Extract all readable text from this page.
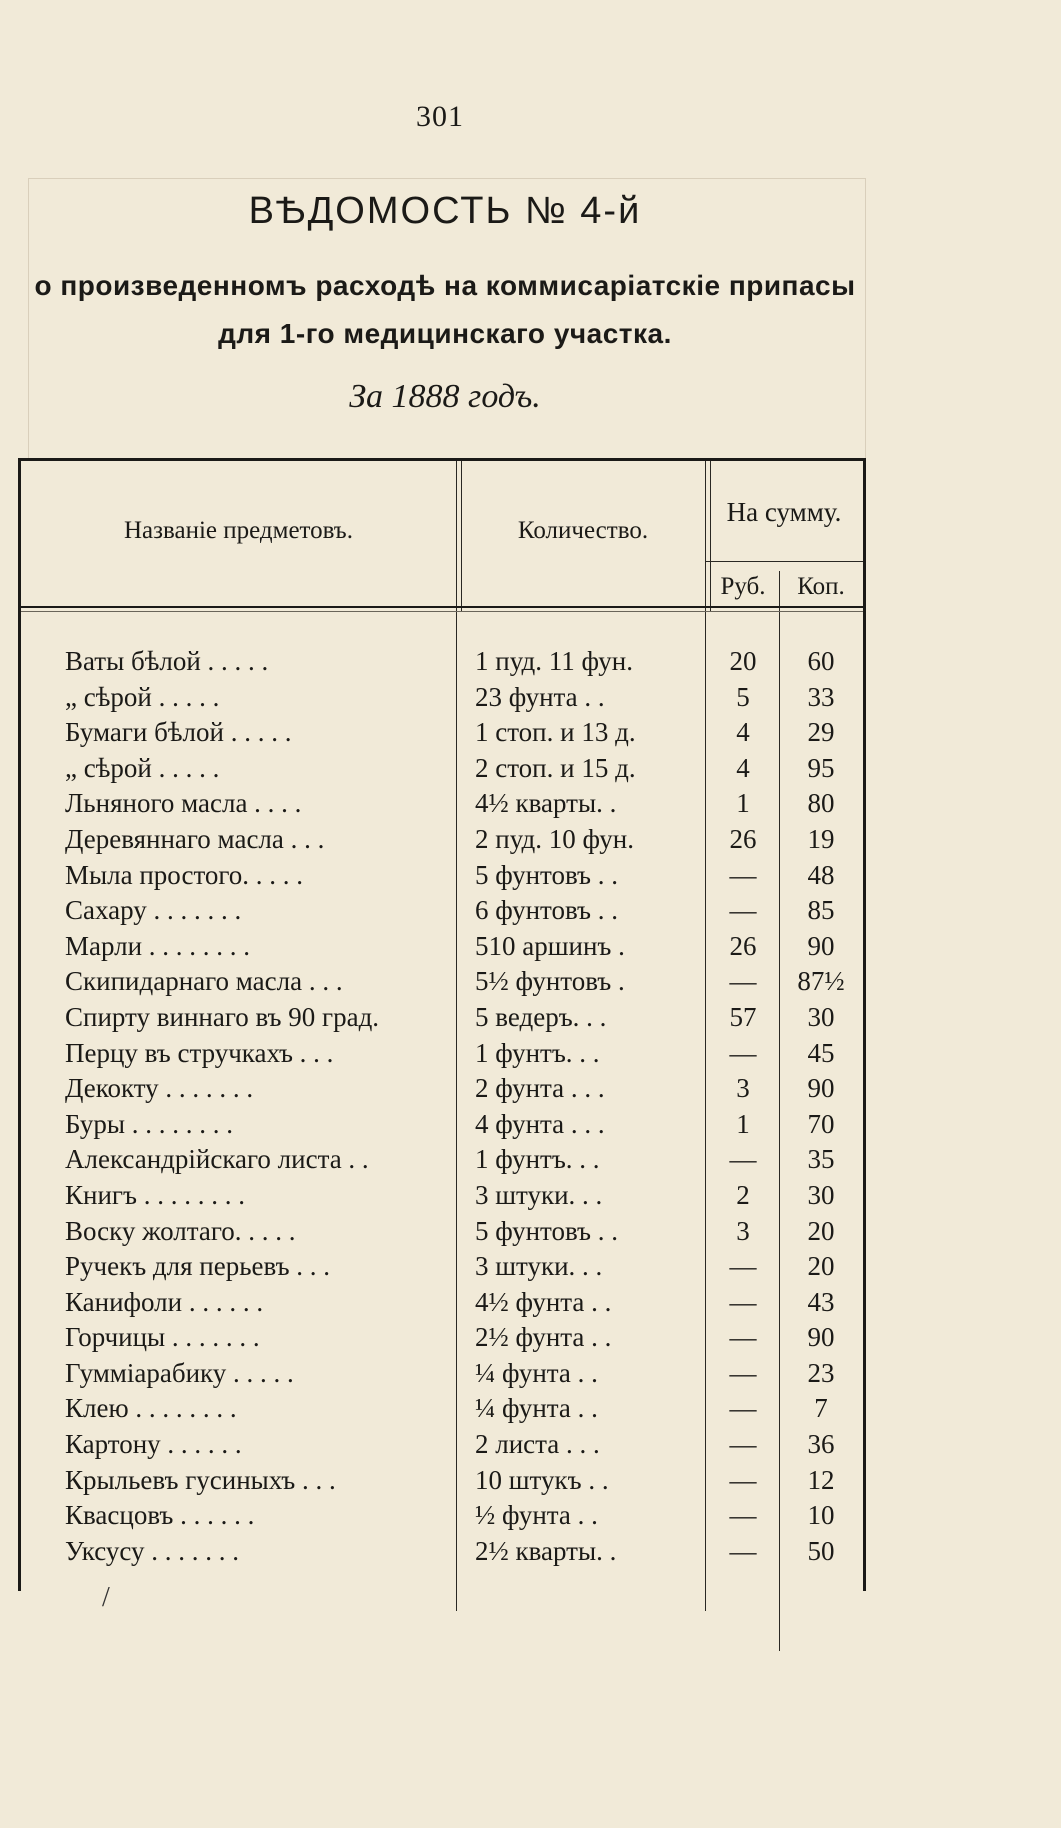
301
ВѢДОМОСТЬ № 4-й
о произведенномъ расходѣ на коммисаріатскіе припасы
для 1-го медицинскаго участка.
За 1888 годъ.
Названіе предметовъ.	Количество.
На сумму.
Руб.	Коп.
Ваты бѣлой . . . . .	1 пуд. 11 фун.	20	60
„ сѣрой . . . . .	23 фунта . .	5	33
Бумаги бѣлой . . . . .	1 стоп. и 13 д.	4	29
„ сѣрой . . . . .	2 стоп. и 15 д.	4	95
Льняного масла . . . .	4½ кварты. .	1	80
Деревяннаго масла . . .	2 пуд. 10 фун.	26	19
Мыла простого. . . . .	5 фунтовъ . .	—	48
Сахару . . . . . . .	6 фунтовъ . .	—	85
Марли . . . . . . . .	510 аршинъ .	26	90
Скипидарнаго масла . . .	5½ фунтовъ .	—	87½
Спирту виннаго въ 90 град.	5 ведеръ. . .	57	30
Перцу въ стручкахъ . . .	1 фунтъ. . .	—	45
Декокту . . . . . . .	2 фунта . . .	3	90
Буры . . . . . . . .	4 фунта . . .	1	70
Александрійскаго листа . .	1 фунтъ. . .	—	35
Книгъ . . . . . . . .	3 штуки. . .	2	30
Воску жолтаго. . . . .	5 фунтовъ . .	3	20
Ручекъ для перьевъ . . .	3 штуки. . .	—	20
Канифоли . . . . . .	4½ фунта . .	—	43
Горчицы . . . . . . .	2½ фунта . .	—	90
Гумміарабику . . . . .	¼ фунта . .	—	23
Клею . . . . . . . .	¼ фунта . .	—	7
Картону . . . . . .	2 листа . . .	—	36
Крыльевъ гусиныхъ . . .	10 штукъ . .	—	12
Квасцовъ . . . . . .	½ фунта . .	—	10
Уксусу . . . . . . .	2½ кварты. .	—	50
/
